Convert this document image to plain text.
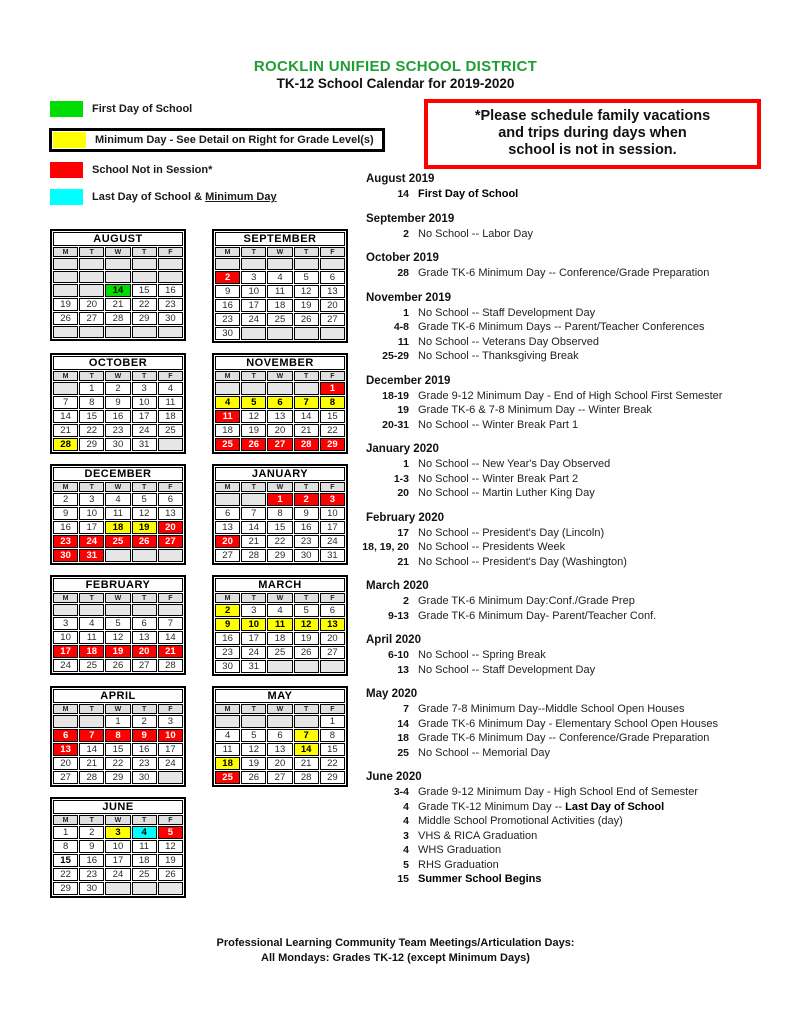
ROCKLIN UNIFIED SCHOOL DISTRICT
TK-12 School Calendar for 2019-2020
First Day of School
Minimum Day - See Detail on Right for Grade Level(s)
School Not in Session*
Last Day of School & Minimum Day
*Please schedule family vacations
and trips during days when
school is not in session.
AUGUST				
M	T	W	T	F

		14	15	16
19	20	21	22	23
26	27	28	29	30

SEPTEMBER				
M	T	W	T	F

2	3	4	5	6
9	10	11	12	13
16	17	18	19	20
23	24	25	26	27
30				
OCTOBER				
M	T	W	T	F
	1	2	3	4
7	8	9	10	11
14	15	16	17	18
21	22	23	24	25
28	29	30	31	
NOVEMBER				
M	T	W	T	F
				1
4	5	6	7	8
11	12	13	14	15
18	19	20	21	22
25	26	27	28	29
DECEMBER				
M	T	W	T	F
2	3	4	5	6
9	10	11	12	13
16	17	18	19	20
23	24	25	26	27
30	31			
JANUARY				
M	T	W	T	F
		1	2	3
6	7	8	9	10
13	14	15	16	17
20	21	22	23	24
27	28	29	30	31
FEBRUARY				
M	T	W	T	F

3	4	5	6	7
10	11	12	13	14
17	18	19	20	21
24	25	26	27	28
MARCH				
M	T	W	T	F
2	3	4	5	6
9	10	11	12	13
16	17	18	19	20
23	24	25	26	27
30	31			
APRIL				
M	T	W	T	F
		1	2	3
6	7	8	9	10
13	14	15	16	17
20	21	22	23	24
27	28	29	30	
MAY				
M	T	W	T	F
				1
4	5	6	7	8
11	12	13	14	15
18	19	20	21	22
25	26	27	28	29
JUNE				
M	T	W	T	F
1	2	3	4	5
8	9	10	11	12
15	16	17	18	19
22	23	24	25	26
29	30			
August 2019
14 First Day of School
September 2019
2 No School -- Labor Day
October 2019
28 Grade TK-6 Minimum Day -- Conference/Grade Preparation
November 2019
1 No School -- Staff Development Day
4-8 Grade TK-6 Minimum Days -- Parent/Teacher Conferences
11 No School -- Veterans Day Observed
25-29 No School -- Thanksgiving Break
December 2019
18-19 Grade 9-12 Minimum Day - End of High School First Semester
19 Grade TK-6 & 7-8 Minimum Day -- Winter Break
20-31 No School -- Winter Break Part 1
January 2020
1 No School -- New Year's Day Observed
1-3 No School -- Winter Break Part 2
20 No School -- Martin Luther King Day
February 2020
17 No School -- President's Day (Lincoln)
18, 19, 20 No School -- Presidents Week
21 No School -- President's Day (Washington)
March 2020
2 Grade TK-6 Minimum Day:Conf./Grade Prep
9-13 Grade TK-6 Minimum Day- Parent/Teacher Conf.
April 2020
6-10 No School -- Spring Break
13 No School -- Staff Development Day
May 2020
7 Grade 7-8 Minimum Day--Middle School Open Houses
14 Grade TK-6 Minimum Day - Elementary School Open Houses
18 Grade TK-6 Minimum Day -- Conference/Grade Preparation
25 No School -- Memorial Day
June 2020
3-4 Grade 9-12 Minimum Day - High School End of Semester
4 Grade TK-12 Minimum Day -- Last Day of School
4 Middle School Promotional Activities (day)
3 VHS & RICA Graduation
4 WHS Graduation
5 RHS Graduation
15 Summer School Begins
Professional Learning Community Team Meetings/Articulation Days:
All Mondays: Grades TK-12 (except Minimum Days)
